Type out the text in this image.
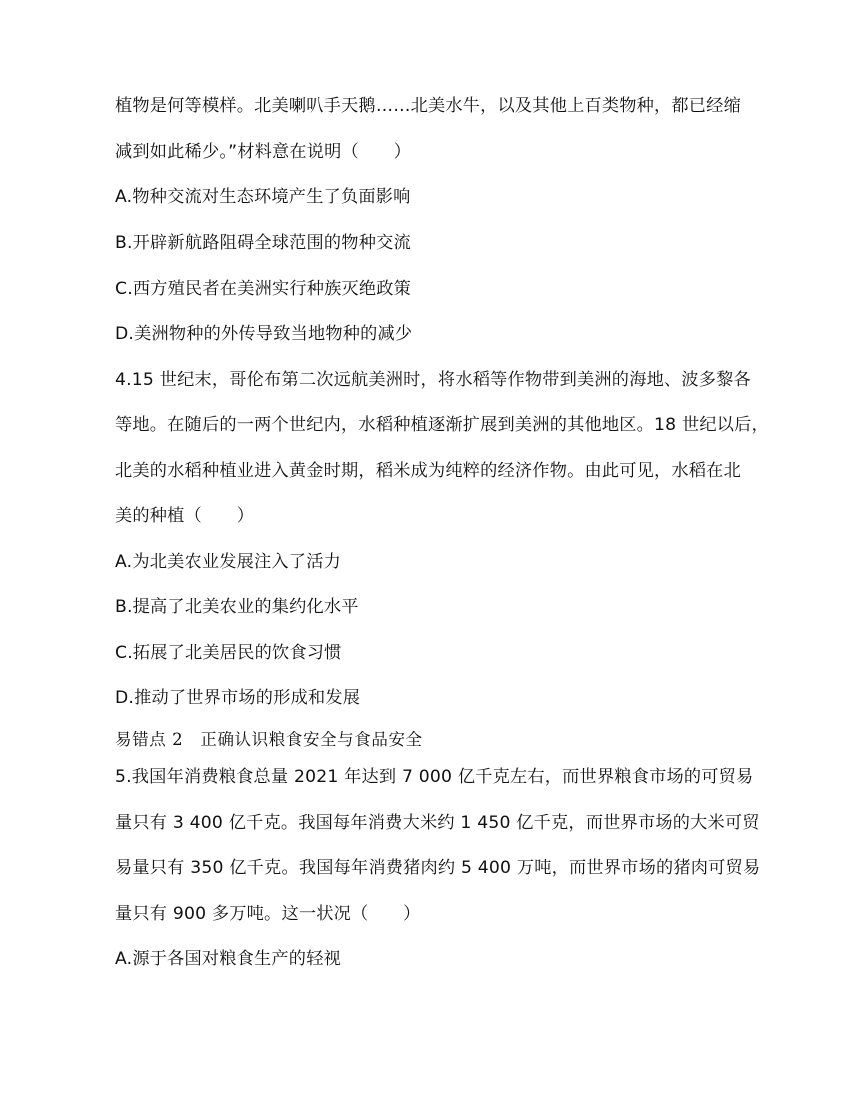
植物是何等模样。北美喇叭手天鹅……北美水牛，以及其他上百类物种，都已经缩
减到如此稀少。”材料意在说明（　　）
A.物种交流对生态环境产生了负面影响
B.开辟新航路阻碍全球范围的物种交流
C.西方殖民者在美洲实行种族灭绝政策
D.美洲物种的外传导致当地物种的减少
4.15 世纪末，哥伦布第二次远航美洲时，将水稻等作物带到美洲的海地、波多黎各
等地。在随后的一两个世纪内，水稻种植逐渐扩展到美洲的其他地区。18 世纪以后，
北美的水稻种植业进入黄金时期，稻米成为纯粹的经济作物。由此可见，水稻在北
美的种植（　　）
A.为北美农业发展注入了活力
B.提高了北美农业的集约化水平
C.拓展了北美居民的饮食习惯
D.推动了世界市场的形成和发展
易错点 2　正确认识粮食安全与食品安全
5.我国年消费粮食总量 2021 年达到 7 000 亿千克左右，而世界粮食市场的可贸易
量只有 3 400 亿千克。我国每年消费大米约 1 450 亿千克，而世界市场的大米可贸
易量只有 350 亿千克。我国每年消费猪肉约 5 400 万吨，而世界市场的猪肉可贸易
量只有 900 多万吨。这一状况（　　）
A.源于各国对粮食生产的轻视
